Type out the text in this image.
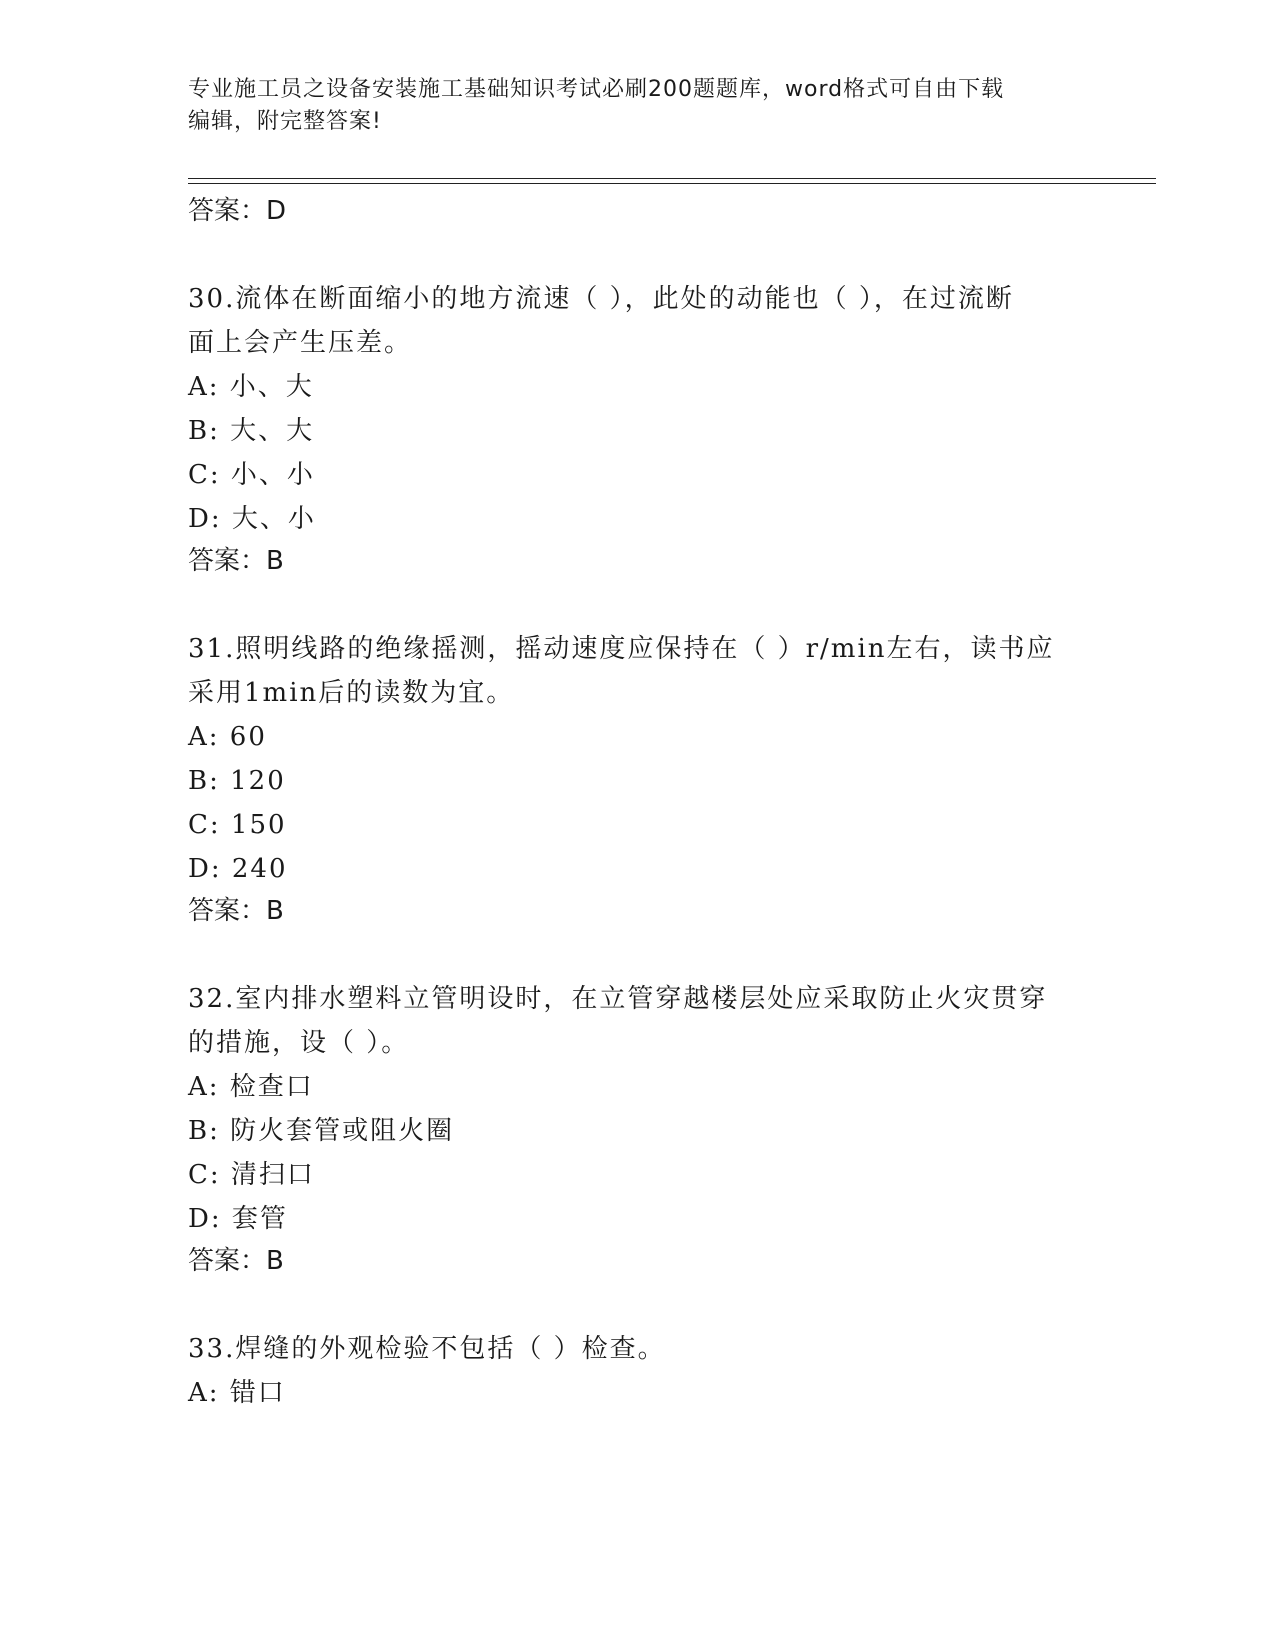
专业施工员之设备安装施工基础知识考试必刷200题题库，word格式可自由下载
编辑，附完整答案!
答案：D
30.流体在断面缩小的地方流速（ ），此处的动能也（ ），在过流断
面上会产生压差。
A: 小、大
B: 大、大
C: 小、小
D: 大、小
答案：B
31.照明线路的绝缘摇测，摇动速度应保持在（ ）r/min左右，读书应
采用1min后的读数为宜。
A: 60
B: 120
C: 150
D: 240
答案：B
32.室内排水塑料立管明设时，在立管穿越楼层处应采取防止火灾贯穿
的措施，设（ ）。
A: 检查口
B: 防火套管或阻火圈
C: 清扫口
D: 套管
答案：B
33.焊缝的外观检验不包括（ ）检查。
A: 错口
